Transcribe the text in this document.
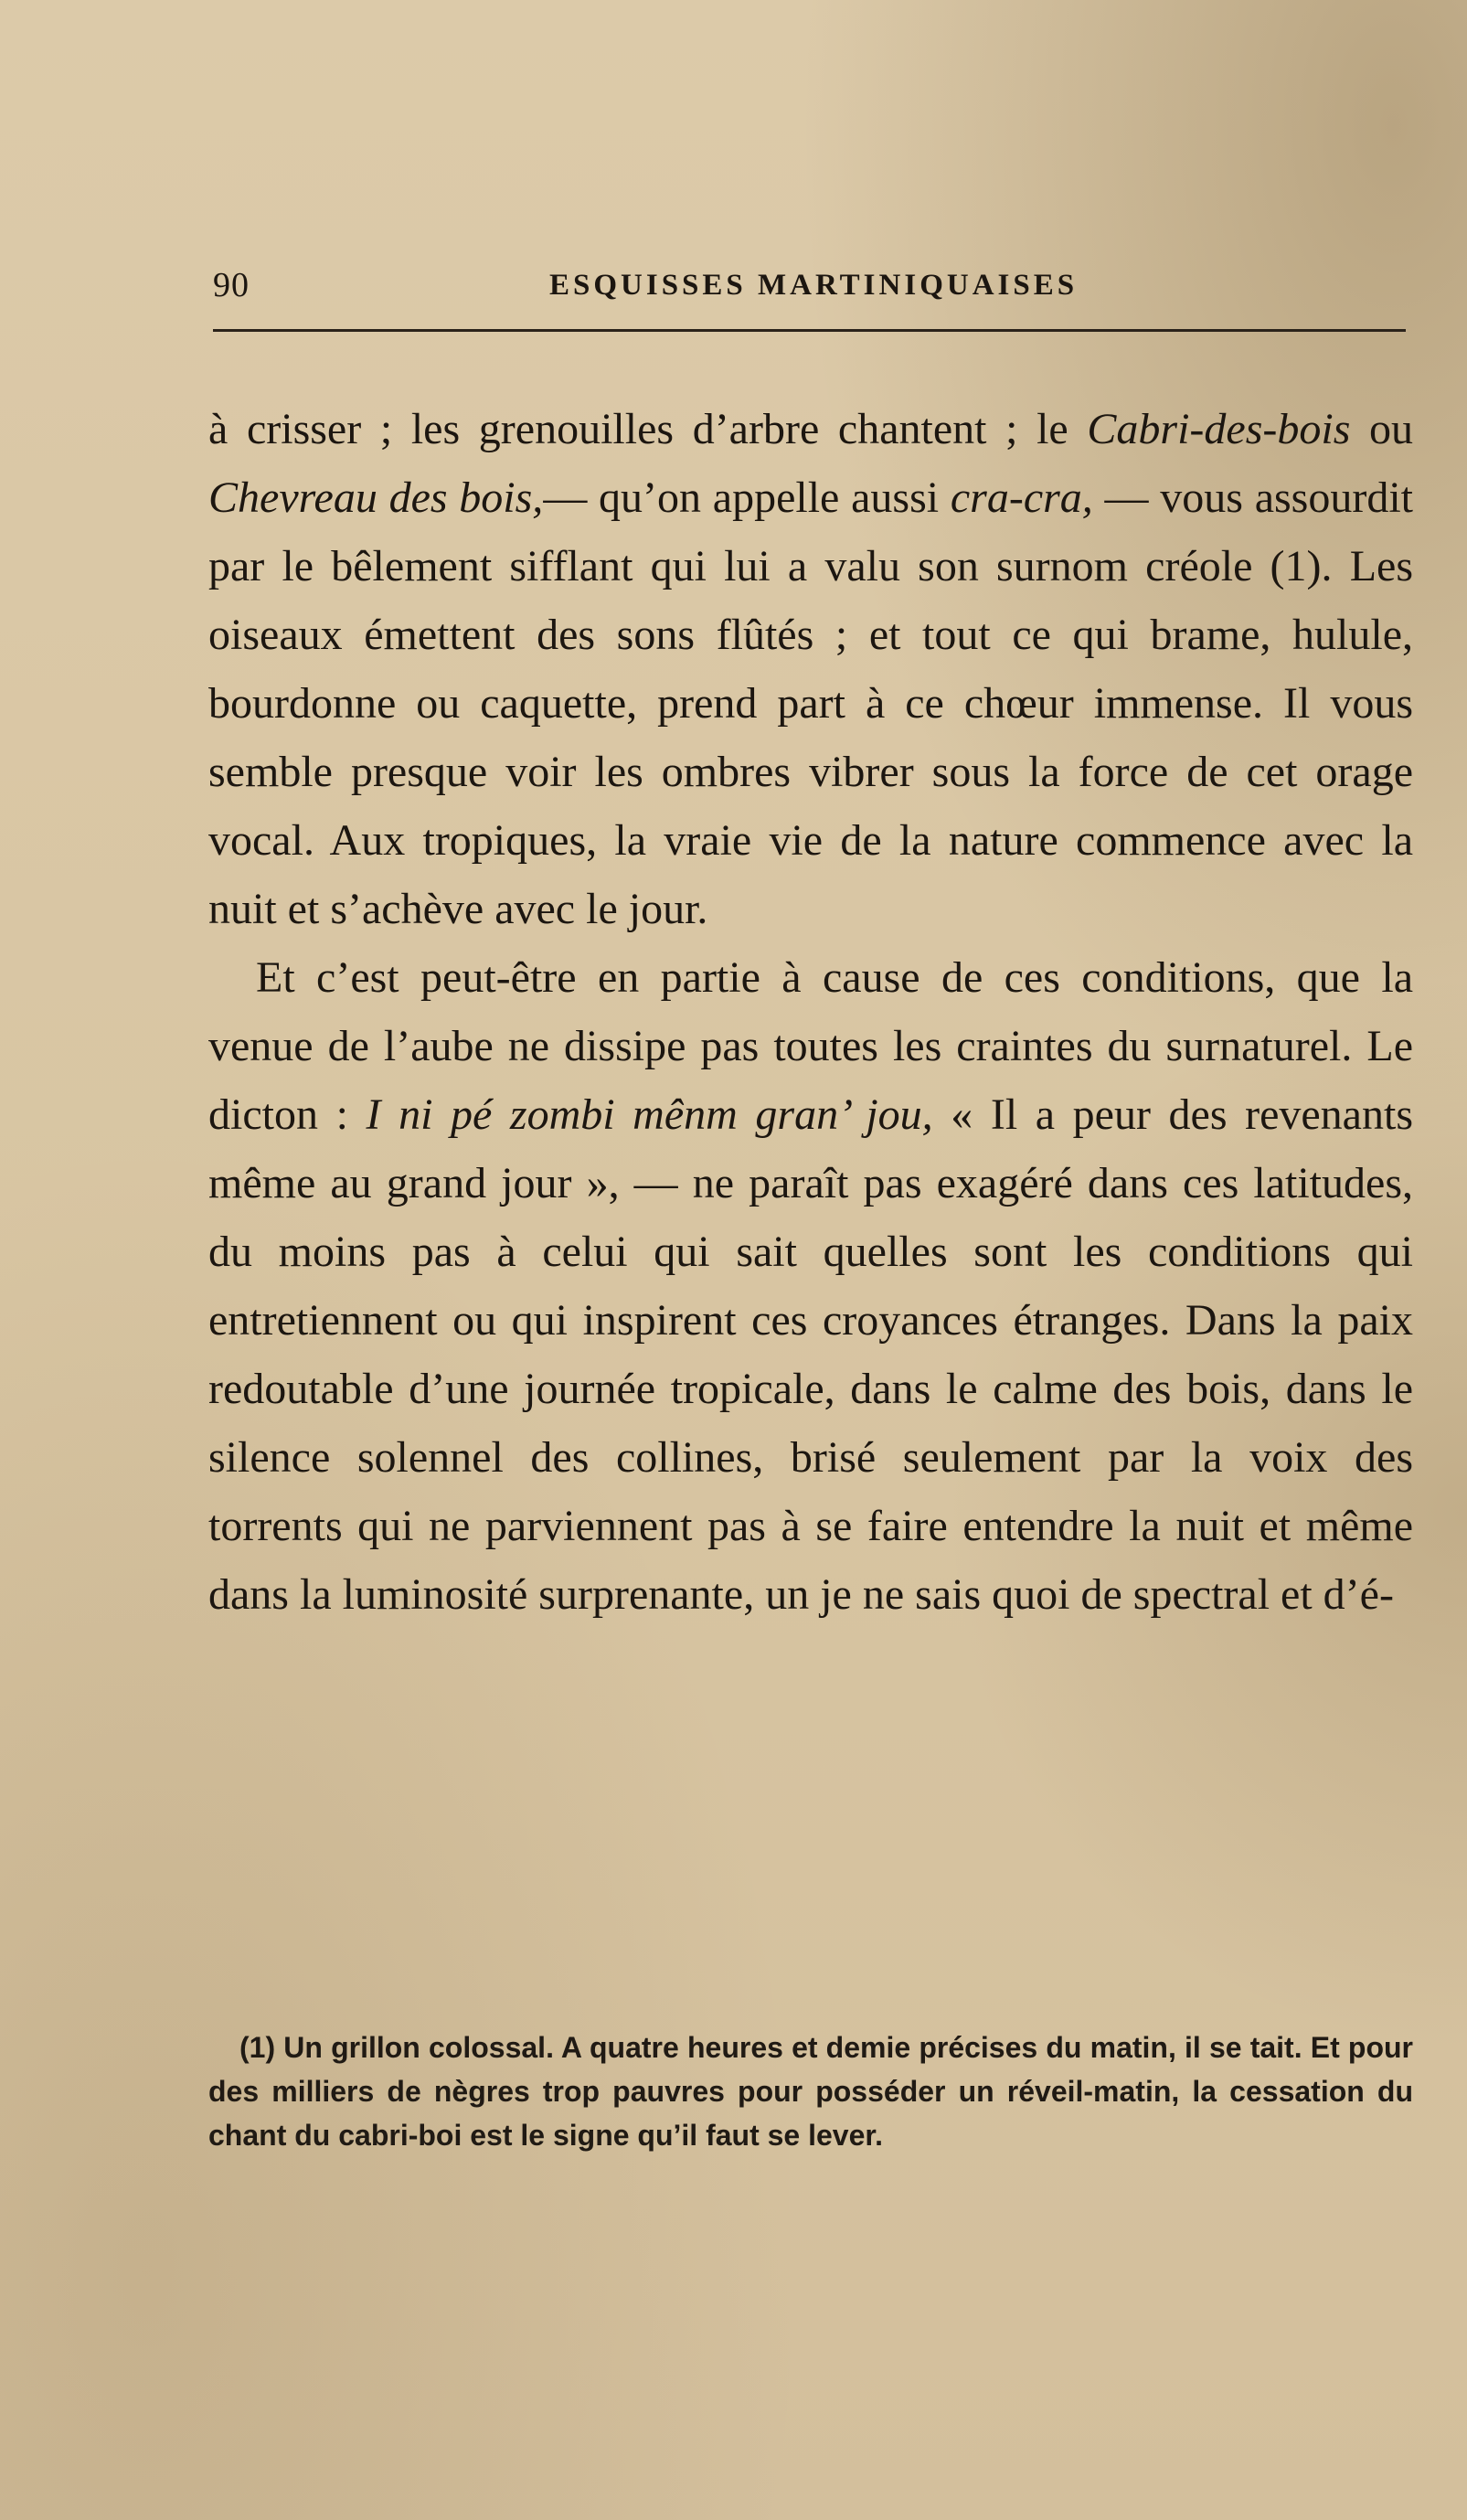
90	ESQUISSES MARTINIQUAISES

à crisser ; les grenouilles d’arbre chantent ; le Cabri-des-bois ou Chevreau des bois,— qu’on appelle aussi cra-cra, — vous assourdit par le bêlement sifflant qui lui a valu son surnom créole (1). Les oiseaux émettent des sons flûtés ; et tout ce qui brame, hulule, bourdonne ou caquette, prend part à ce chœur immense. Il vous semble presque voir les ombres vibrer sous la force de cet orage vocal. Aux tropiques, la vraie vie de la nature commence avec la nuit et s’achève avec le jour.

Et c’est peut-être en partie à cause de ces conditions, que la venue de l’aube ne dissipe pas toutes les craintes du surnaturel. Le dicton : I ni pé zombi mênm gran’ jou, « Il a peur des revenants même au grand jour », — ne paraît pas exagéré dans ces latitudes, du moins pas à celui qui sait quelles sont les conditions qui entretiennent ou qui inspirent ces croyances étranges. Dans la paix redoutable d’une journée tropicale, dans le calme des bois, dans le silence solennel des collines, brisé seulement par la voix des torrents qui ne parviennent pas à se faire entendre la nuit et même dans la luminosité surprenante, un je ne sais quoi de spectral et d’é-

(1) Un grillon colossal. A quatre heures et demie précises du matin, il se tait. Et pour des milliers de nègres trop pauvres pour posséder un réveil-matin, la cessation du chant du cabri-boi est le signe qu’il faut se lever.
